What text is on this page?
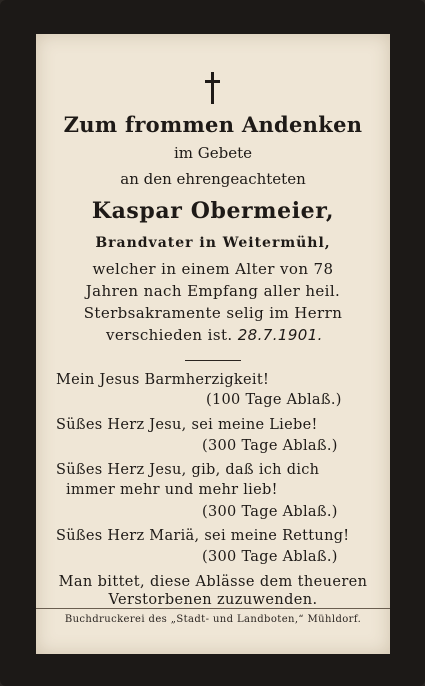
Zum frommen Andenken
im Gebete
an den ehrengeachteten
Kaspar Obermeier,
Brandvater in Weitermühl,
welcher in einem Alter von 78
Jahren nach Empfang aller heil.
Sterbsakramente selig im Herrn
verschieden ist. 28.7.1901.
Mein Jesus Barmherzigkeit!
(100 Tage Ablaß.)
Süßes Herz Jesu, sei meine Liebe!
(300 Tage Ablaß.)
Süßes Herz Jesu, gib, daß ich dich
immer mehr und mehr lieb!
(300 Tage Ablaß.)
Süßes Herz Mariä, sei meine Rettung!
(300 Tage Ablaß.)
Man bittet, diese Ablässe dem theueren
Verstorbenen zuzuwenden.
Buchdruckerei des „Stadt- und Landboten,“ Mühldorf.
